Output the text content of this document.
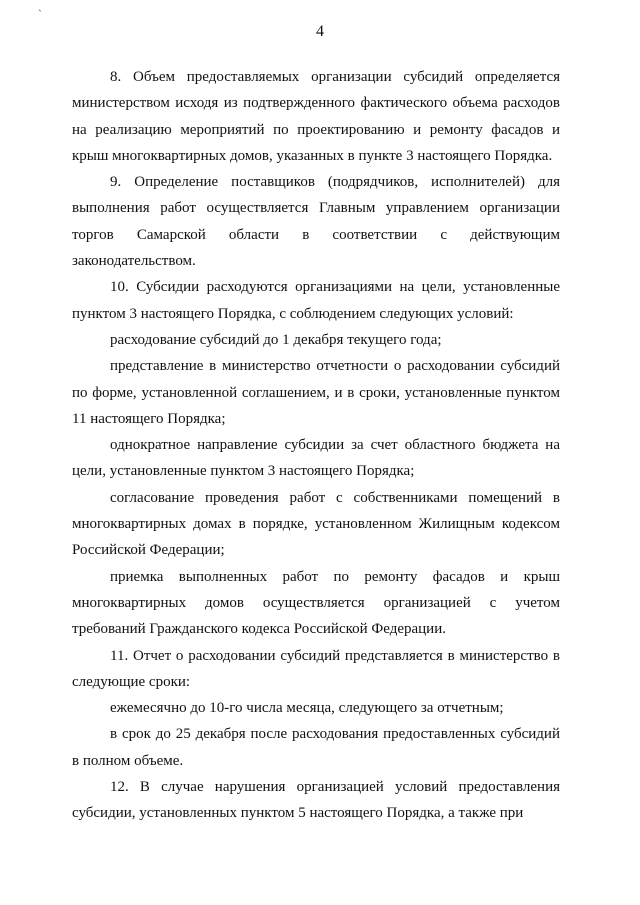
`
4

8. Объем предоставляемых организации субсидий определяется министерством исходя из подтвержденного фактического объема расходов на реализацию мероприятий по проектированию и ремонту фасадов и крыш многоквартирных домов, указанных в пункте 3 настоящего Порядка.

9. Определение поставщиков (подрядчиков, исполнителей) для выполнения работ осуществляется Главным управлением организации торгов Самарской области в соответствии с действующим законодательством.

10. Субсидии расходуются организациями на цели, установленные пунктом 3 настоящего Порядка, с соблюдением следующих условий:

расходование субсидий до 1 декабря текущего года;

представление в министерство отчетности о расходовании субсидий по форме, установленной соглашением, и в сроки, установленные пунктом 11 настоящего Порядка;

однократное направление субсидии за счет областного бюджета на цели, установленные пунктом 3 настоящего Порядка;

согласование проведения работ с собственниками помещений в многоквартирных домах в порядке, установленном Жилищным кодексом Российской Федерации;

приемка выполненных работ по ремонту фасадов и крыш многоквартирных домов осуществляется организацией с учетом требований Гражданского кодекса Российской Федерации.

11. Отчет о расходовании субсидий представляется в министерство в следующие сроки:

ежемесячно до 10-го числа месяца, следующего за отчетным;

в срок до 25 декабря после расходования предоставленных субсидий в полном объеме.

12. В случае нарушения организацией условий предоставления субсидии, установленных пунктом 5 настоящего Порядка, а также при
